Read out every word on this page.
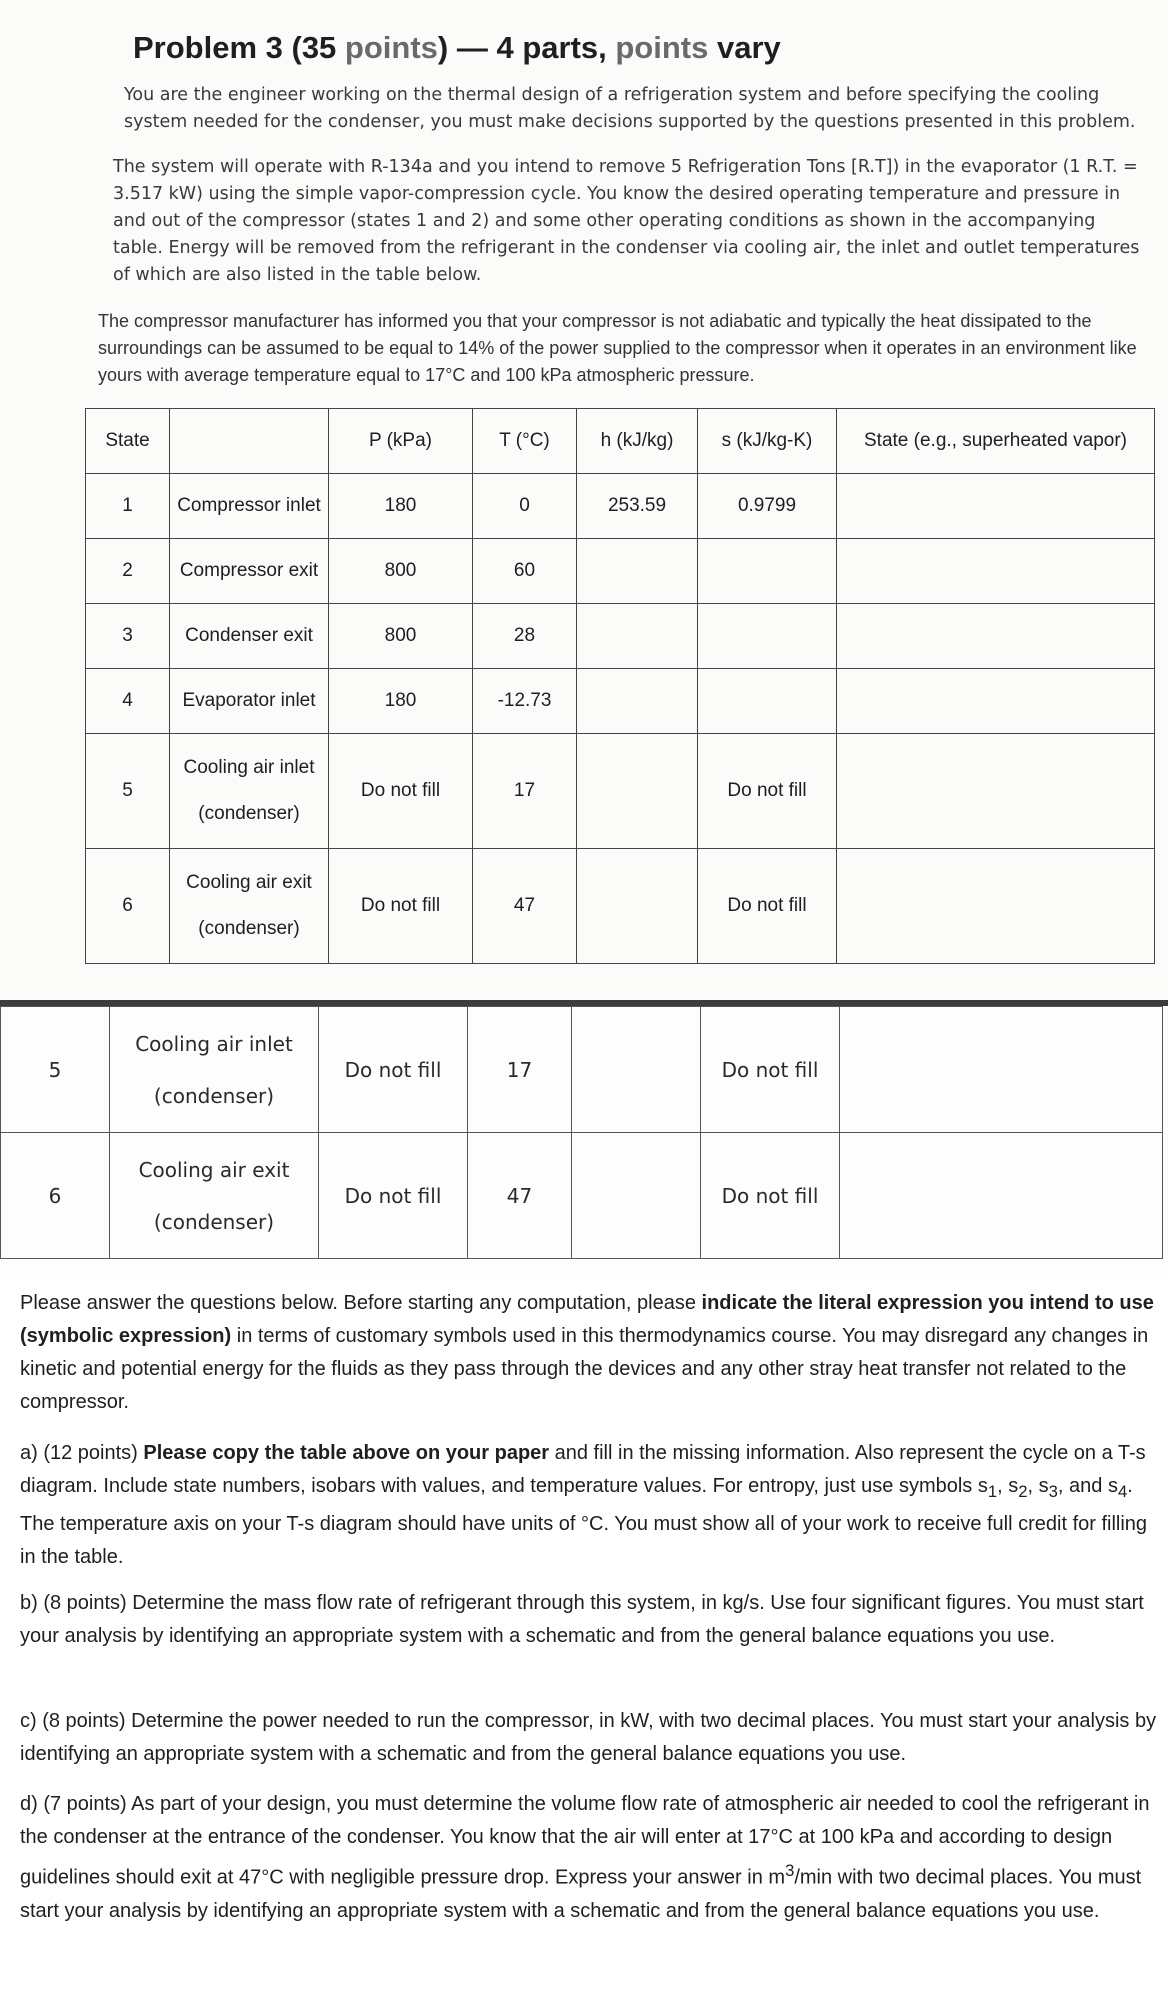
Problem 3 (35 points) — 4 parts, points vary
You are the engineer working on the thermal design of a refrigeration system and before specifying the cooling system needed for the condenser, you must make decisions supported by the questions presented in this problem.
The system will operate with R-134a and you intend to remove 5 Refrigeration Tons [R.T]) in the evaporator (1 R.T. = 3.517 kW) using the simple vapor-compression cycle. You know the desired operating temperature and pressure in and out of the compressor (states 1 and 2) and some other operating conditions as shown in the accompanying table. Energy will be removed from the refrigerant in the condenser via cooling air, the inlet and outlet temperatures of which are also listed in the table below.
The compressor manufacturer has informed you that your compressor is not adiabatic and typically the heat dissipated to the surroundings can be assumed to be equal to 14% of the power supplied to the compressor when it operates in an environment like yours with average temperature equal to 17°C and 100 kPa atmospheric pressure.
State		P (kPa)	T (°C)	h (kJ/kg)	s (kJ/kg-K)	State (e.g., superheated vapor)
1	Compressor inlet	180	0	253.59	0.9799	
2	Compressor exit	800	60			
3	Condenser exit	800	28			
4	Evaporator inlet	180	-12.73			
5	Cooling air inlet
(condenser)	Do not fill	17		Do not fill	
6	Cooling air exit
(condenser)	Do not fill	47		Do not fill	
5	Cooling air inlet
(condenser)	Do not fill	17		Do not fill	
6	Cooling air exit
(condenser)	Do not fill	47		Do not fill	
Please answer the questions below. Before starting any computation, please indicate the literal expression you intend to use (symbolic expression) in terms of customary symbols used in this thermodynamics course. You may disregard any changes in kinetic and potential energy for the fluids as they pass through the devices and any other stray heat transfer not related to the compressor.
a) (12 points) Please copy the table above on your paper and fill in the missing information. Also represent the cycle on a T-s diagram. Include state numbers, isobars with values, and temperature values. For entropy, just use symbols $s_1$, $s_2$, $s_3$, and $s_4$. The temperature axis on your T-s diagram should have units of °C. You must show all of your work to receive full credit for filling in the table.
b) (8 points) Determine the mass flow rate of refrigerant through this system, in kg/s. Use four significant figures. You must start your analysis by identifying an appropriate system with a schematic and from the general balance equations you use.
c) (8 points) Determine the power needed to run the compressor, in kW, with two decimal places. You must start your analysis by identifying an appropriate system with a schematic and from the general balance equations you use.
d) (7 points) As part of your design, you must determine the volume flow rate of atmospheric air needed to cool the refrigerant in the condenser at the entrance of the condenser. You know that the air will enter at 17°C at 100 kPa and according to design guidelines should exit at 47°C with negligible pressure drop. Express your answer in $m^3/\min$ with two decimal places. You must start your analysis by identifying an appropriate system with a schematic and from the general balance equations you use.
